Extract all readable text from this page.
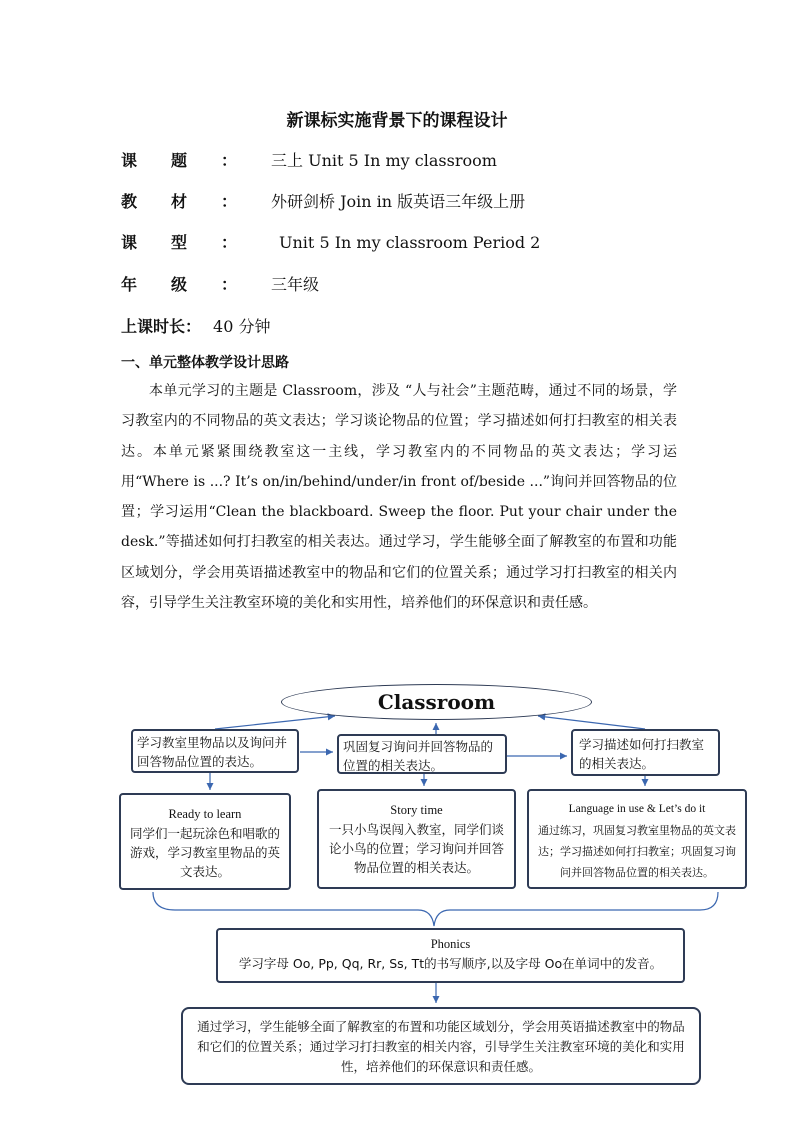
新课标实施背景下的课程设计
课题：三上 Unit 5 In my classroom
教材：外研剑桥 Join in 版英语三年级上册
课型： Unit 5 In my classroom Period 2
年级：三年级
上课时长： 40 分钟
一、单元整体教学设计思路
本单元学习的主题是 Classroom，涉及 “人与社会”主题范畴，通过不同的场景，学习教室内的不同物品的英文表达；学习谈论物品的位置；学习描述如何打扫教室的相关表达。本单元紧紧围绕教室这一主线，学习教室内的不同物品的英文表达；学习运用“Where is ...? It’s on/in/behind/under/in front of/beside ...”询问并回答物品的位置；学习运用“Clean the blackboard. Sweep the floor. Put your chair under the desk.”等描述如何打扫教室的相关表达。通过学习，学生能够全面了解教室的布置和功能区域划分，学会用英语描述教室中的物品和它们的位置关系；通过学习打扫教室的相关内容，引导学生关注教室环境的美化和实用性，培养他们的环保意识和责任感。
Classroom
学习教室里物品以及询问并回答物品位置的表达。
巩固复习询问并回答物品的位置的相关表达。
学习描述如何打扫教室的相关表达。
Ready to learn
同学们一起玩涂色和唱歌的游戏，学习教室里物品的英文表达。
Story time
一只小鸟误闯入教室，同学们谈论小鸟的位置；学习询问并回答物品位置的相关表达。
Language in use & Let’s do it
通过练习，巩固复习教室里物品的英文表达；学习描述如何打扫教室；巩固复习询问并回答物品位置的相关表达。
Phonics
学习字母 Oo, Pp, Qq, Rr, Ss, Tt的书写顺序,以及字母 Oo在单词中的发音。
通过学习，学生能够全面了解教室的布置和功能区域划分，学会用英语描述教室中的物品和它们的位置关系；通过学习打扫教室的相关内容，引导学生关注教室环境的美化和实用性，培养他们的环保意识和责任感。
